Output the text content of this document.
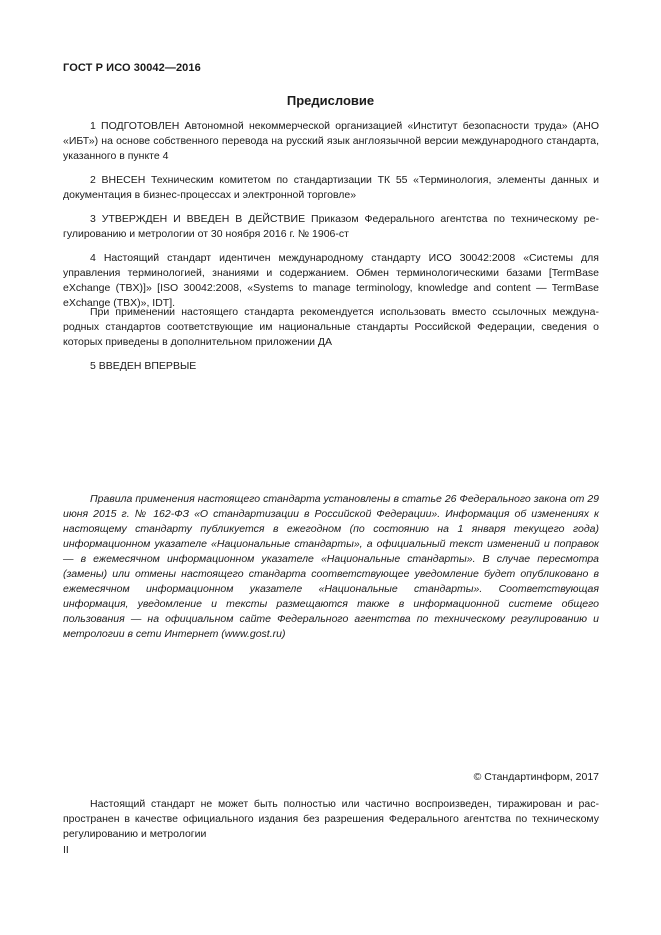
ГОСТ Р ИСО 30042—2016
Предисловие

1 ПОДГОТОВЛЕН Автономной некоммерческой организацией «Институт безопасности труда» (АНО «ИБТ») на основе собственного перевода на русский язык англоязычной версии международного стандарта, указанного в пункте 4

2 ВНЕСЕН Техническим комитетом по стандартизации ТК 55 «Терминология, элементы данных и документация в бизнес-процессах и электронной торговле»

3 УТВЕРЖДЕН И ВВЕДЕН В ДЕЙСТВИЕ Приказом Федерального агентства по техническому регулированию и метрологии от 30 ноября 2016 г. № 1906-ст

4 Настоящий стандарт идентичен международному стандарту ИСО 30042:2008 «Системы для управления терминологией, знаниями и содержанием. Обмен терминологическими базами [TermBase eXchange (TBX)]» [ISO 30042:2008, «Systems to manage terminology, knowledge and content — TermBase eXchange (TBX)», IDT].

При применении настоящего стандарта рекомендуется использовать вместо ссылочных международных стандартов соответствующие им национальные стандарты Российской Федерации, сведения о которых приведены в дополнительном приложении ДА

5 ВВЕДЕН ВПЕРВЫЕ

Правила применения настоящего стандарта установлены в статье 26 Федерального закона от 29 июня 2015 г. № 162-ФЗ «О стандартизации в Российской Федерации». Информация об изменениях к настоящему стандарту публикуется в ежегодном (по состоянию на 1 января текущего года) информационном указателе «Национальные стандарты», а официальный текст изменений и поправок — в ежемесячном информационном указателе «Национальные стандарты». В случае пересмотра (замены) или отмены настоящего стандарта соответствующее уведомление будет опубликовано в ежемесячном информационном указателе «Национальные стандарты». Соответствующая информация, уведомление и тексты размещаются также в информационной системе общего пользования — на официальном сайте Федерального агентства по техническому регулированию и метрологии в сети Интернет (www.gost.ru)

© Стандартинформ, 2017

Настоящий стандарт не может быть полностью или частично воспроизведен, тиражирован и распространен в качестве официального издания без разрешения Федерального агентства по техническому регулированию и метрологии

II
